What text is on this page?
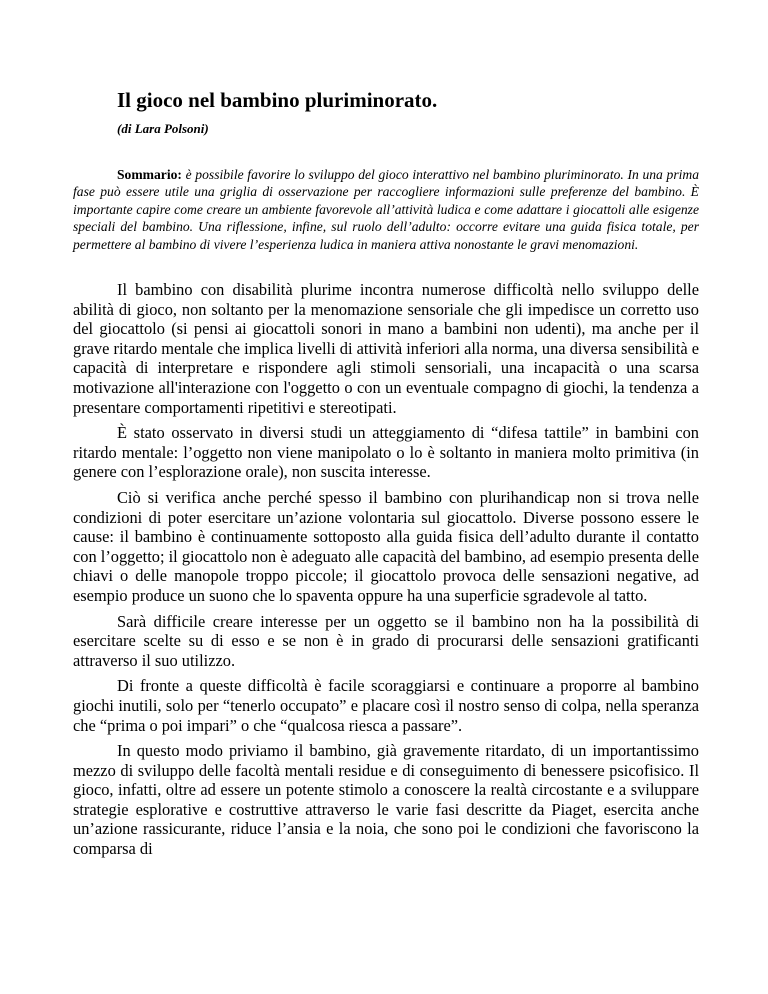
Il gioco nel bambino pluriminorato.
(di Lara Polsoni)

Sommario: è possibile favorire lo sviluppo del gioco interattivo nel bambino pluriminorato. In una prima fase può essere utile una griglia di osservazione per raccogliere informazioni sulle preferenze del bambino. È importante capire come creare un ambiente favorevole all’attività ludica e come adattare i giocattoli alle esigenze speciali del bambino. Una riflessione, infine, sul ruolo dell’adulto: occorre evitare una guida fisica totale, per permettere al bambino di vivere l’esperienza ludica in maniera attiva nonostante le gravi menomazioni.

Il bambino con disabilità plurime incontra numerose difficoltà nello sviluppo delle abilità di gioco, non soltanto per la menomazione sensoriale che gli impedisce un corretto uso del giocattolo (si pensi ai giocattoli sonori in mano a bambini non udenti), ma anche per il grave ritardo mentale che implica livelli di attività inferiori alla norma, una diversa sensibilità e capacità di interpretare e rispondere agli stimoli sensoriali, una incapacità o una scarsa motivazione all'interazione con l'oggetto o con un eventuale compagno di giochi, la tendenza a presentare comportamenti ripetitivi e stereotipati.

È stato osservato in diversi studi un atteggiamento di “difesa tattile” in bambini con ritardo mentale: l’oggetto non viene manipolato o lo è soltanto in maniera molto primitiva (in genere con l’esplorazione orale), non suscita interesse.

Ciò si verifica anche perché spesso il bambino con plurihandicap non si trova nelle condizioni di poter esercitare un’azione volontaria sul giocattolo. Diverse possono essere le cause: il bambino è continuamente sottoposto alla guida fisica dell’adulto durante il contatto con l’oggetto; il giocattolo non è adeguato alle capacità del bambino, ad esempio presenta delle chiavi o delle manopole troppo piccole; il giocattolo provoca delle sensazioni negative, ad esempio produce un suono che lo spaventa oppure ha una superficie sgradevole al tatto.

Sarà difficile creare interesse per un oggetto se il bambino non ha la possibilità di esercitare scelte su di esso e se non è in grado di procurarsi delle sensazioni gratificanti attraverso il suo utilizzo.

Di fronte a queste difficoltà è facile scoraggiarsi e continuare a proporre al bambino giochi inutili, solo per “tenerlo occupato” e placare così il nostro senso di colpa, nella speranza che “prima o poi impari” o che “qualcosa riesca a passare”.

In questo modo priviamo il bambino, già gravemente ritardato, di un importantissimo mezzo di sviluppo delle facoltà mentali residue e di conseguimento di benessere psicofisico. Il gioco, infatti, oltre ad essere un potente stimolo a conoscere la realtà circostante e a sviluppare strategie esplorative e costruttive attraverso le varie fasi descritte da Piaget, esercita anche un’azione rassicurante, riduce l’ansia e la noia, che sono poi le condizioni che favoriscono la comparsa di
